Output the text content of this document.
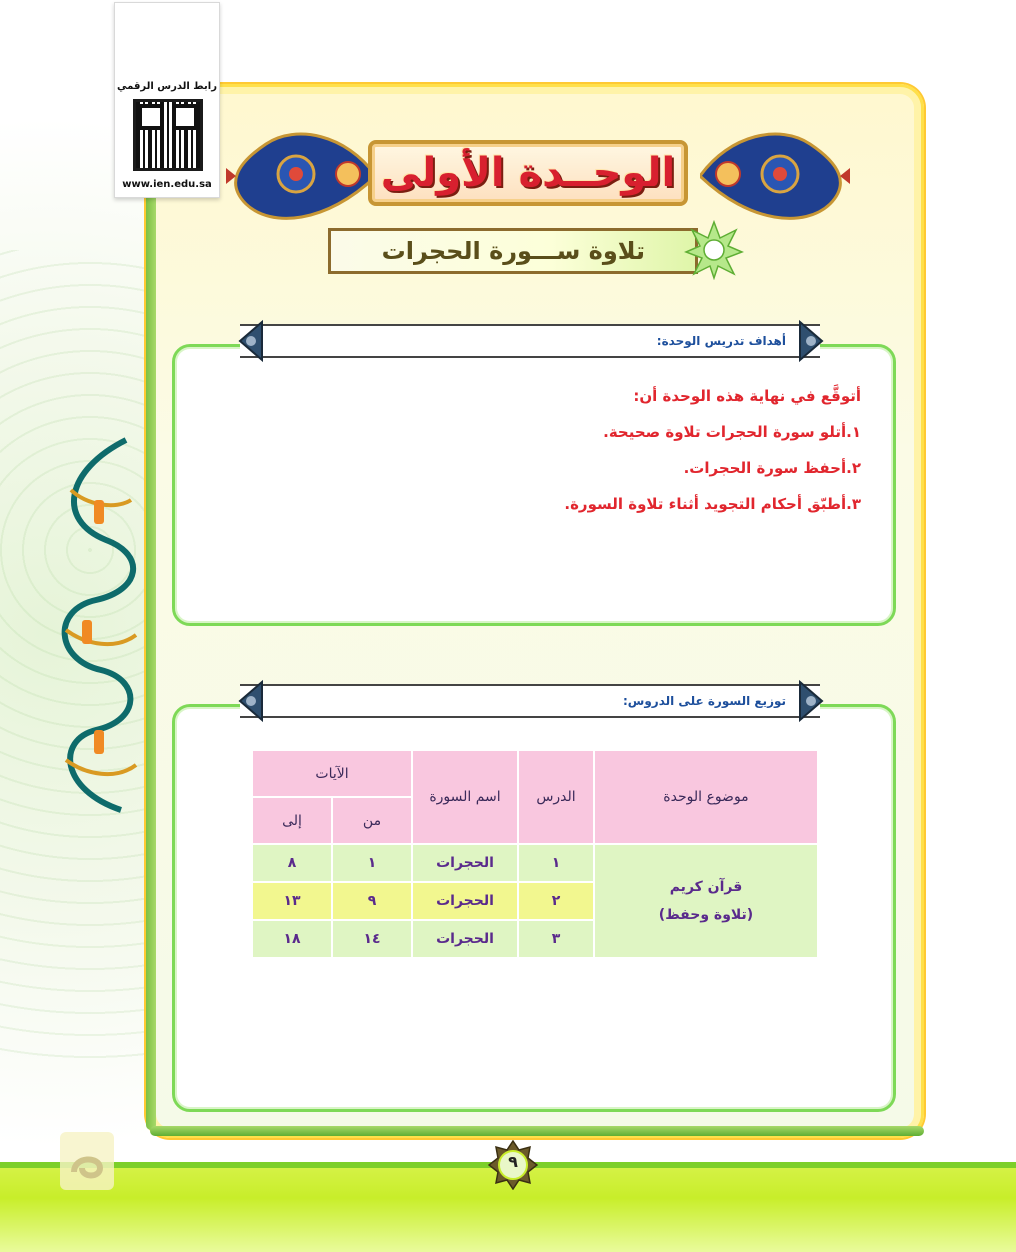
رابط الدرس الرقمي
www.ien.edu.sa	الوحــدة الأولى
تلاوة ســـورة الحجرات
أتوقَّع في نهاية هذه الوحدة أن:
١.أتلو سورة الحجرات تلاوة صحيحة.
٢.أحفظ سورة الحجرات.
٣.أطبّق أحكام التجويد أثناء تلاوة السورة.
أهداف تدريس الوحدة:
موضوع الوحدة	الدرس	اسم السورة	الآيات	
			من	إلى

قرآن كريم
(تلاوة وحفظ)	١	الحجرات	١	٨
	٢	الحجرات	٩	١٣
	٣	الحجرات	١٤	١٨
توزيع السورة على الدروس:
٩
